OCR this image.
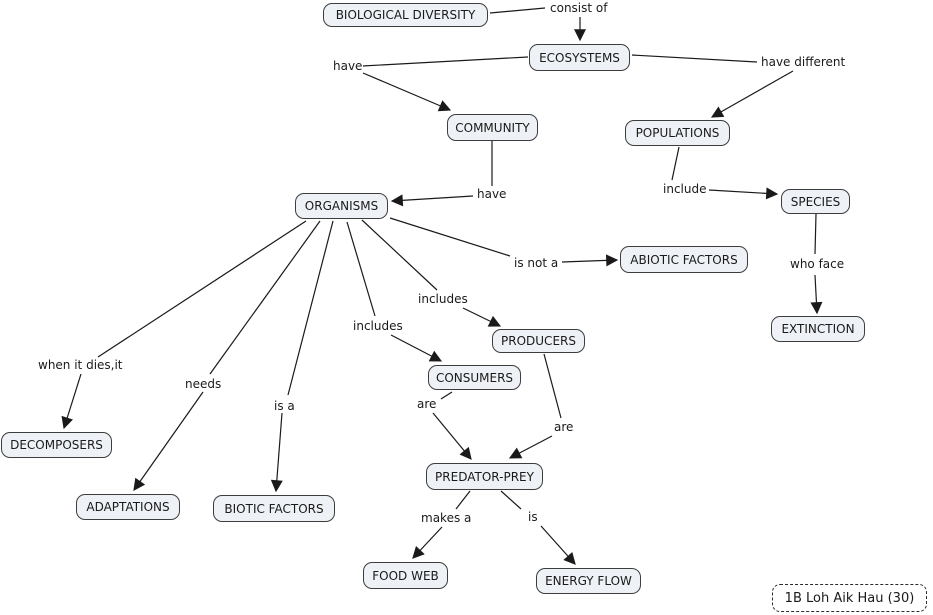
BIOLOGICAL DIVERSITY
ECOSYSTEMS
COMMUNITY	POPULATIONS
ORGANISMS	SPECIES
ABIOTIC FACTORS
EXTINCTION
DECOMPOSERS
ADAPTATIONS	BIOTIC FACTORS
CONSUMERS
PRODUCERS
PREDATOR-PREY
FOOD WEB	ENERGY FLOW
consist of
have	have different
have	include
is not a	who face
includes
includes
when it dies,it
needs
is a	are
are
makes a	is
1B Loh Aik Hau (30)
